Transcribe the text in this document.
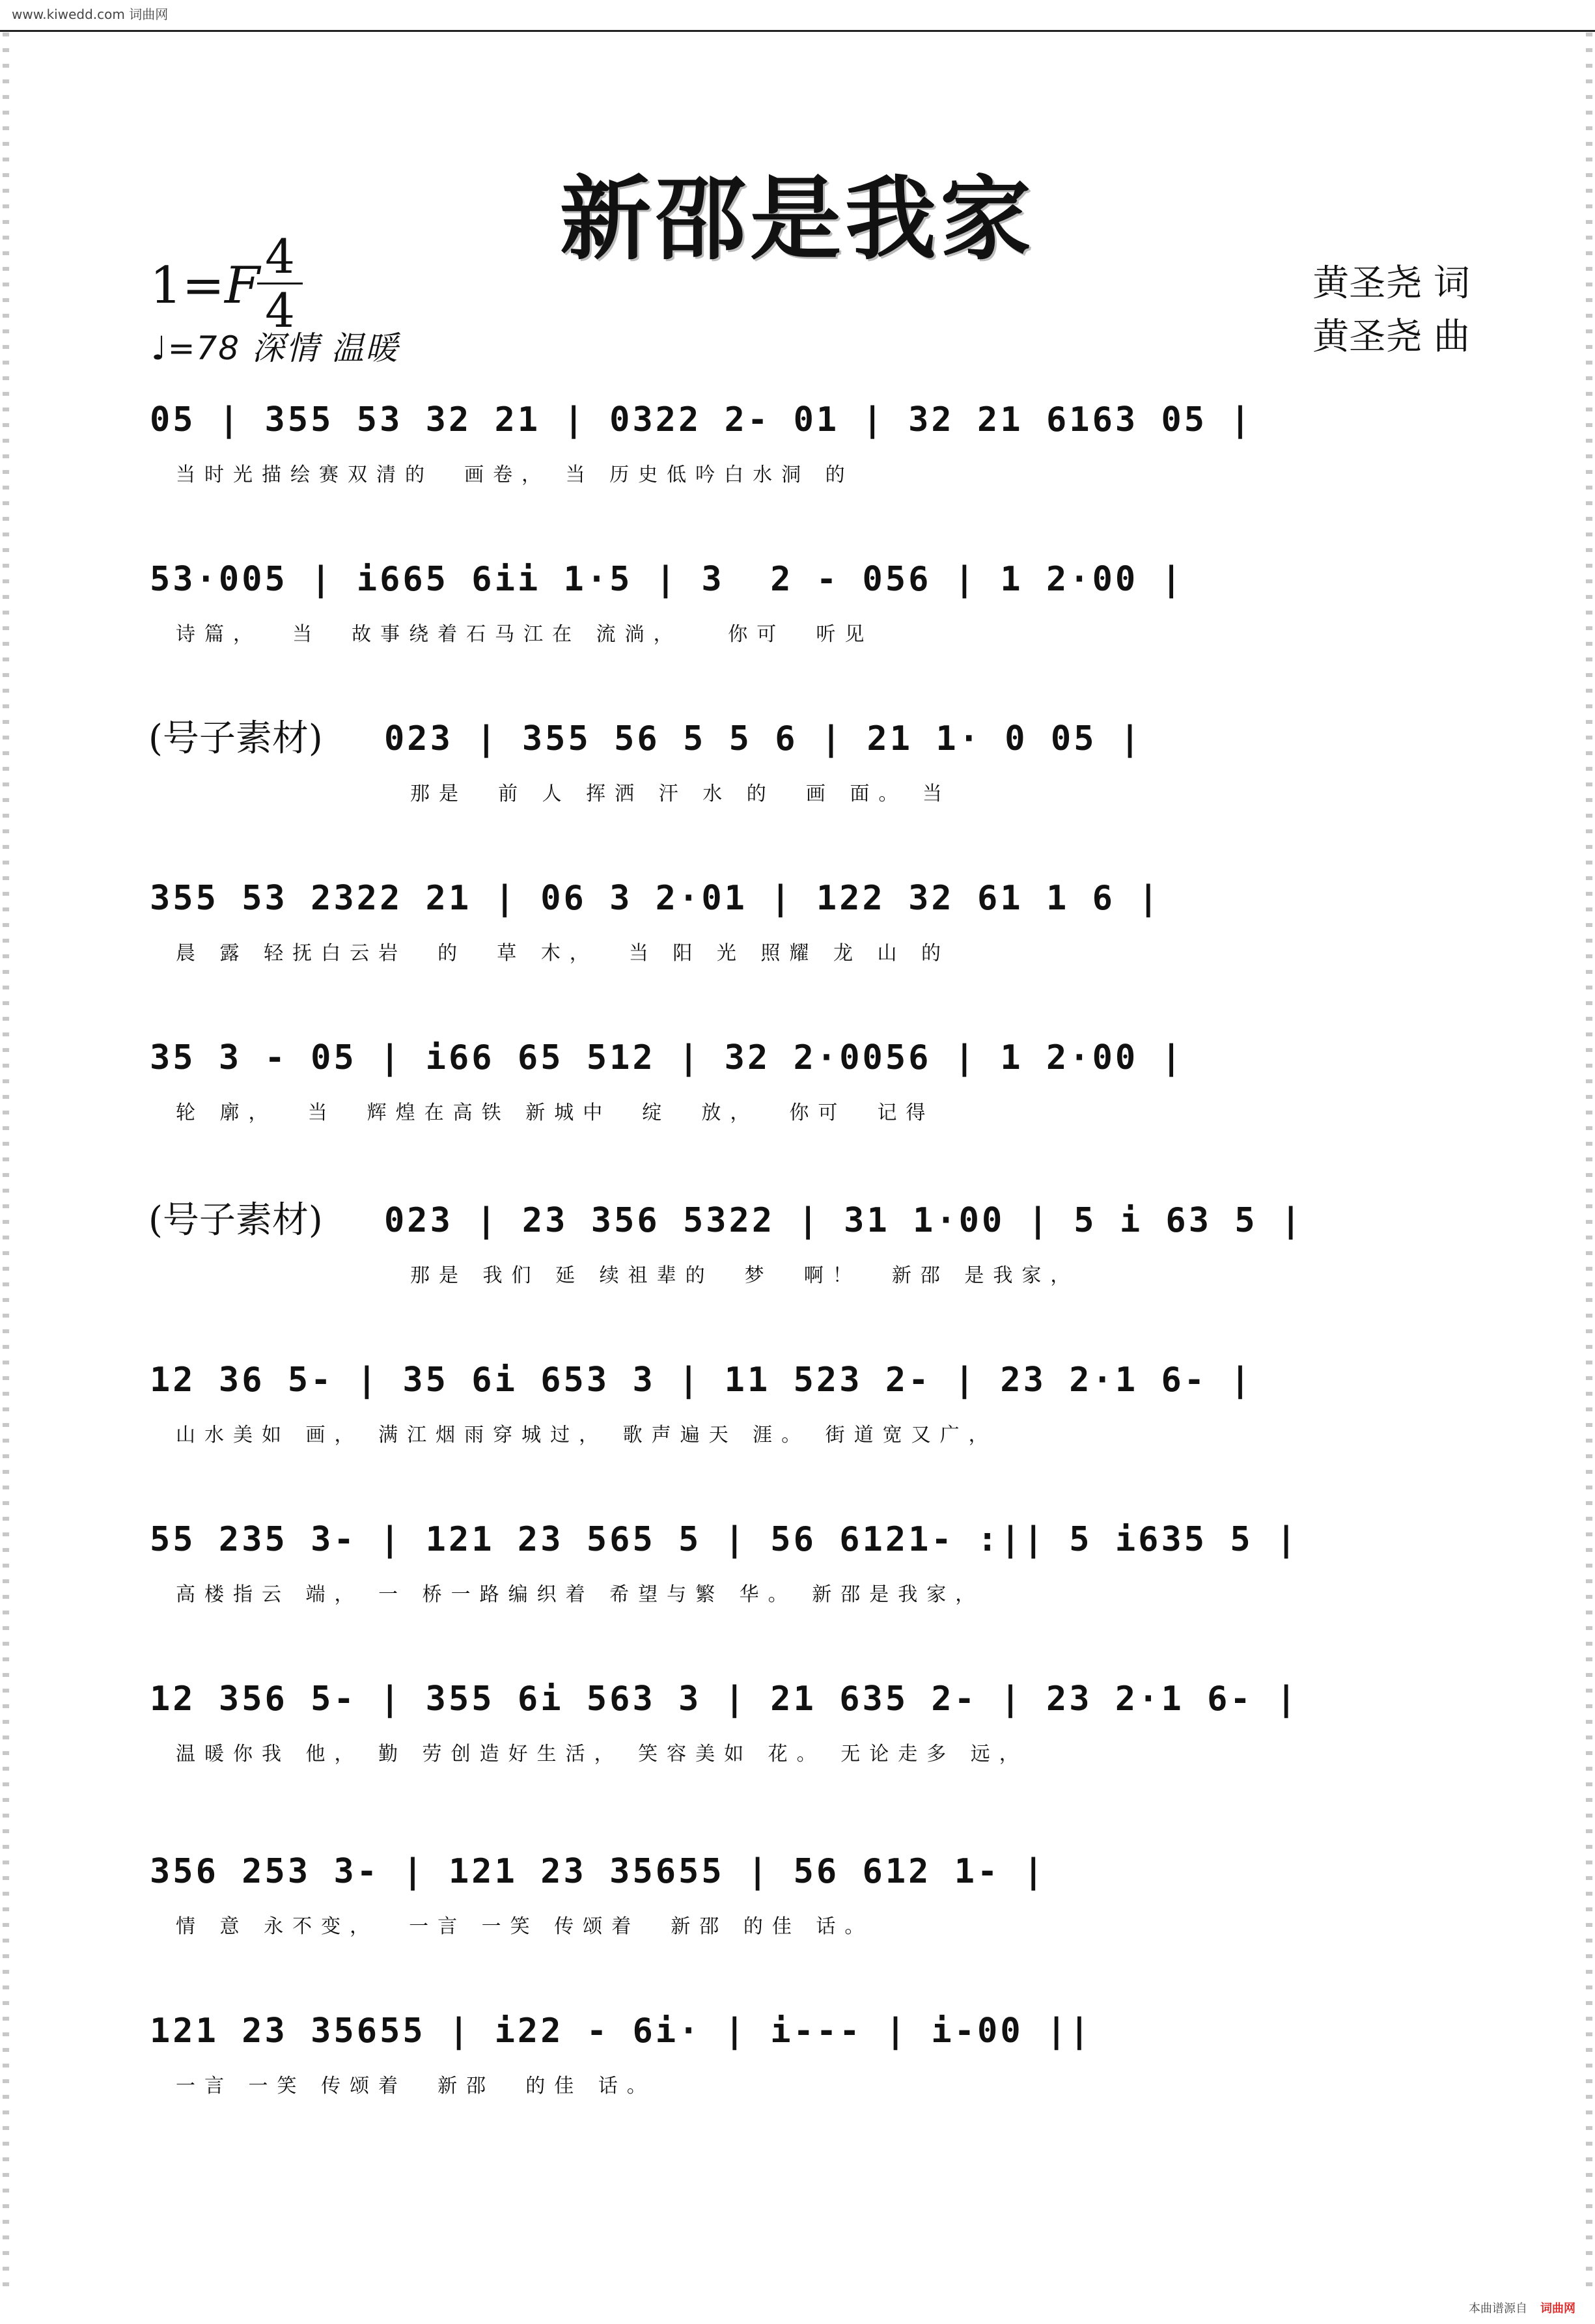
www.kiwedd.com 词曲网
新邵是我家
1=F
$\frac{4}{4}$
♩=78 深情 温暖
黄圣尧 词
黄圣尧 曲
05 | 355 53 32 21 | 0322 2- 01 | 32 21 6163 05 |
当时光描绘赛双清的  画卷， 当 历史低吟白水洞 的
53·005 | i665 6ii 1·5 | 3  2 - 056 | 1 2·00 |
诗篇，  当  故事绕着石马江在 流淌，   你可  听见
(号子素材) 023 | 355 56 5 5 6 | 21 1· 0 05 |
那是  前 人 挥洒 汗 水 的  画 面。 当
355 53 2322 21 | 06 3 2·01 | 122 32 61 1 6 |
晨 露 轻抚白云岩  的  草 木，  当 阳 光 照耀 龙 山 的
35 3 - 05 | i66 65 512 | 32 2·0056 | 1 2·00 |
轮 廓，  当  辉煌在高铁 新城中  绽  放，  你可  记得
(号子素材) 023 | 23 356 5322 | 31 1·00 | 5 i 63 5 |
那是 我们 延 续祖辈的  梦  啊！  新邵 是我家，
12 36 5- | 35 6i 653 3 | 11 523 2- | 23 2·1 6- |
山水美如 画， 满江烟雨穿城过， 歌声遍天 涯。 街道宽又广，
55 235 3- | 121 23 565 5 | 56 6121- :|| 5 i635 5 |
高楼指云 端， 一 桥一路编织着 希望与繁 华。 新邵是我家，
12 356 5- | 355 6i 563 3 | 21 635 2- | 23 2·1 6- |
温暖你我 他， 勤 劳创造好生活， 笑容美如 花。 无论走多 远，
356 253 3- | 121 23 35655 | 56 612 1- |
情 意 永不变，  一言 一笑 传颂着  新邵 的佳 话。
121 23 35655 | i22 - 6i· | i--- | i-00 ||
一言 一笑 传颂着  新邵  的佳 话。
本曲谱源自 词曲网
